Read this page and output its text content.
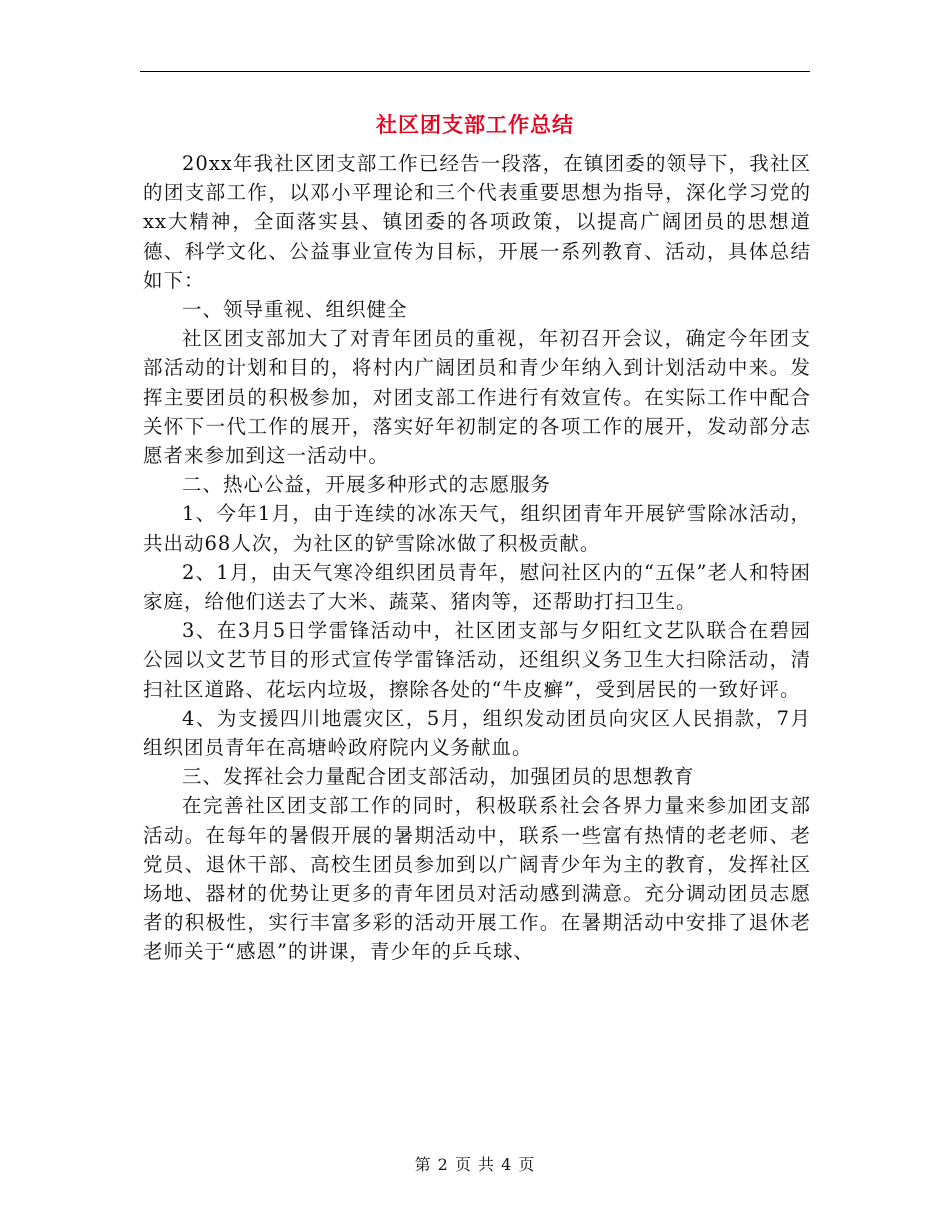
社区团支部工作总结

20xx年我社区团支部工作已经告一段落，在镇团委的领导下，我社区的团支部工作，以邓小平理论和三个代表重要思想为指导，深化学习党的xx大精神，全面落实县、镇团委的各项政策，以提高广阔团员的思想道德、科学文化、公益事业宣传为目标，开展一系列教育、活动，具体总结如下：

一、领导重视、组织健全

社区团支部加大了对青年团员的重视，年初召开会议，确定今年团支部活动的计划和目的，将村内广阔团员和青少年纳入到计划活动中来。发挥主要团员的积极参加，对团支部工作进行有效宣传。在实际工作中配合关怀下一代工作的展开，落实好年初制定的各项工作的展开，发动部分志愿者来参加到这一活动中。

二、热心公益，开展多种形式的志愿服务

1、今年1月，由于连续的冰冻天气，组织团青年开展铲雪除冰活动，共出动68人次，为社区的铲雪除冰做了积极贡献。

2、1月，由天气寒冷组织团员青年，慰问社区内的“五保”老人和特困家庭，给他们送去了大米、蔬菜、猪肉等，还帮助打扫卫生。

3、在3月5日学雷锋活动中，社区团支部与夕阳红文艺队联合在碧园公园以文艺节目的形式宣传学雷锋活动，还组织义务卫生大扫除活动，清扫社区道路、花坛内垃圾，擦除各处的“牛皮癣”，受到居民的一致好评。

4、为支援四川地震灾区，5月，组织发动团员向灾区人民捐款，7月组织团员青年在高塘岭政府院内义务献血。

三、发挥社会力量配合团支部活动，加强团员的思想教育

在完善社区团支部工作的同时，积极联系社会各界力量来参加团支部活动。在每年的暑假开展的暑期活动中，联系一些富有热情的老老师、老党员、退休干部、高校生团员参加到以广阔青少年为主的教育，发挥社区场地、器材的优势让更多的青年团员对活动感到满意。充分调动团员志愿者的积极性，实行丰富多彩的活动开展工作。在暑期活动中安排了退休老老师关于“感恩”的讲课，青少年的乒乓球、

第 2 页 共 4 页
